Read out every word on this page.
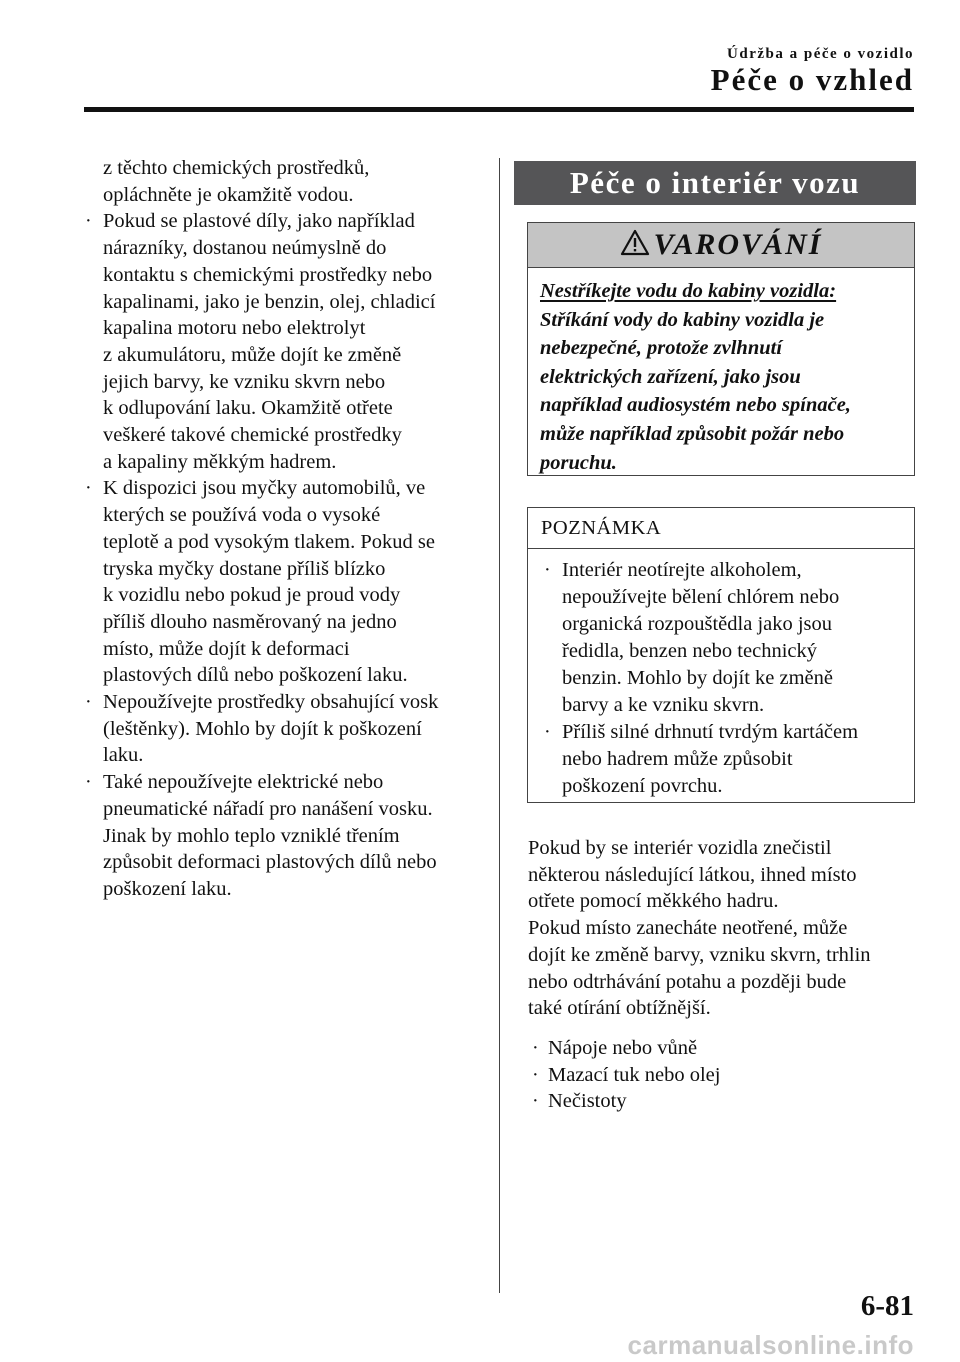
Údržba a péče o vozidlo
Péče o vzhled
z těchto chemických prostředků,
opláchněte je okamžitě vodou.
· Pokud se plastové díly, jako například
nárazníky, dostanou neúmyslně do
kontaktu s chemickými prostředky nebo
kapalinami, jako je benzin, olej, chladicí
kapalina motoru nebo elektrolyt
z akumulátoru, může dojít ke změně
jejich barvy, ke vzniku skvrn nebo
k odlupování laku. Okamžitě otřete
veškeré takové chemické prostředky
a kapaliny měkkým hadrem.
· K dispozici jsou myčky automobilů, ve
kterých se používá voda o vysoké
teplotě a pod vysokým tlakem. Pokud se
tryska myčky dostane příliš blízko
k vozidlu nebo pokud je proud vody
příliš dlouho nasměrovaný na jedno
místo, může dojít k deformaci
plastových dílů nebo poškození laku.
· Nepoužívejte prostředky obsahující vosk
(leštěnky). Mohlo by dojít k poškození
laku.
· Také nepoužívejte elektrické nebo
pneumatické nářadí pro nanášení vosku.
Jinak by mohlo teplo vzniklé třením
způsobit deformaci plastových dílů nebo
poškození laku.
Péče o interiér vozu
VAROVÁNÍ
Nestříkejte vodu do kabiny vozidla:
Stříkání vody do kabiny vozidla je
nebezpečné, protože zvlhnutí
elektrických zařízení, jako jsou
například audiosystém nebo spínače,
může například způsobit požár nebo
poruchu.
POZNÁMKA
· Interiér neotírejte alkoholem,
nepoužívejte bělení chlórem nebo
organická rozpouštědla jako jsou
ředidla, benzen nebo technický
benzin. Mohlo by dojít ke změně
barvy a ke vzniku skvrn.
· Příliš silné drhnutí tvrdým kartáčem
nebo hadrem může způsobit
poškození povrchu.
Pokud by se interiér vozidla znečistil
některou následující látkou, ihned místo
otřete pomocí měkkého hadru.
Pokud místo zanecháte neotřené, může
dojít ke změně barvy, vzniku skvrn, trhlin
nebo odtrhávání potahu a později bude
také otírání obtížnější.
· Nápoje nebo vůně
· Mazací tuk nebo olej
· Nečistoty
6-81
carmanualsonline.info
